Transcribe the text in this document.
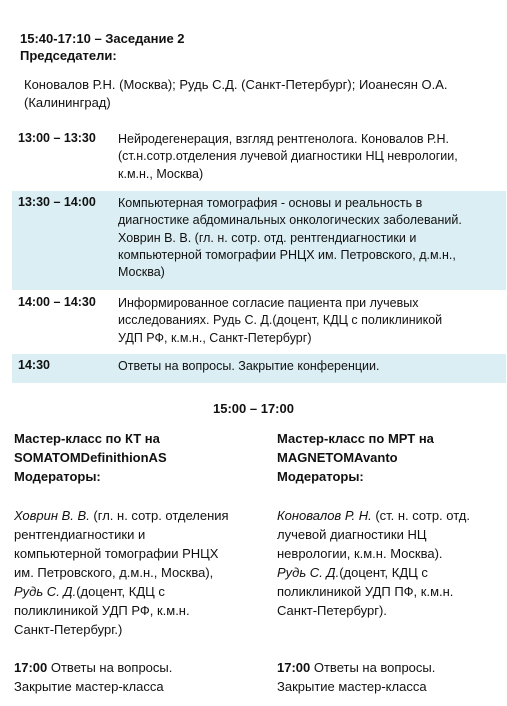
15:40-17:10 – Заседание 2
Председатели:
Коновалов Р.Н. (Москва); Рудь С.Д. (Санкт-Петербург); Иоанесян О.А.
(Калининград)
13:00 – 13:30 Нейродегенерация, взгляд рентгенолога. Коновалов Р.Н.
(ст.н.сотр.отделения лучевой диагностики НЦ неврологии,
к.м.н., Москва)
13:30 – 14:00 Компьютерная томография - основы и реальность в
диагностике абдоминальных онкологических заболеваний.
Ховрин В. В. (гл. н. сотр. отд. рентгендиагностики и
компьютерной томографии РНЦХ им. Петровского, д.м.н.,
Москва)
14:00 – 14:30 Информированное согласие пациента при лучевых
исследованиях. Рудь С. Д.(доцент, КДЦ с поликлиникой
УДП РФ, к.м.н., Санкт-Петербург)
14:30	Ответы на вопросы. Закрытие конференции.
15:00 – 17:00
Мастер-класс по КТ на
SOMATOMDefinithionAS
Модераторы:
Ховрин В. В. (гл. н. сотр. отделения
рентгендиагностики и
компьютерной томографии РНЦХ
им. Петровского, д.м.н., Москва),
Рудь С. Д.(доцент, КДЦ с
поликлиникой УДП РФ, к.м.н.
Санкт-Петербург.)
17:00 Ответы на вопросы.
Закрытие мастер-класса
Мастер-класс по МРТ на
MAGNETOMAvanto
Модераторы:
Коновалов Р. Н. (ст. н. сотр. отд.
лучевой диагностики НЦ
неврологии, к.м.н. Москва).
Рудь С. Д.(доцент, КДЦ с
поликлиникой УДП ПФ, к.м.н.
Санкт-Петербург).
17:00 Ответы на вопросы.
Закрытие мастер-класса
